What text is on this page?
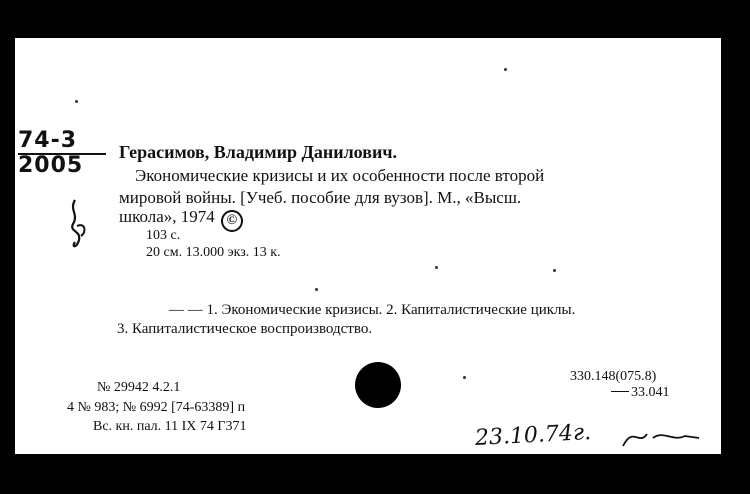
74-3
2005
Герасимов, Владимир Данилович.
Экономические кризисы и их особенности после второй
мировой войны. [Учеб. пособие для вузов]. М., «Высш.
школа», 1974 ©
103 с.
20 см. 13.000 экз. 13 к.
— — 1. Экономические кризисы. 2. Капиталистические циклы.
3. Капиталистическое воспроизводство.
330.148(075.8)
33.041
№ 29942 4.2.1
4 № 983; № 6992 [74-63389] п
Вс. кн. пал. 11 IX 74 Г371	23.10.74г.
